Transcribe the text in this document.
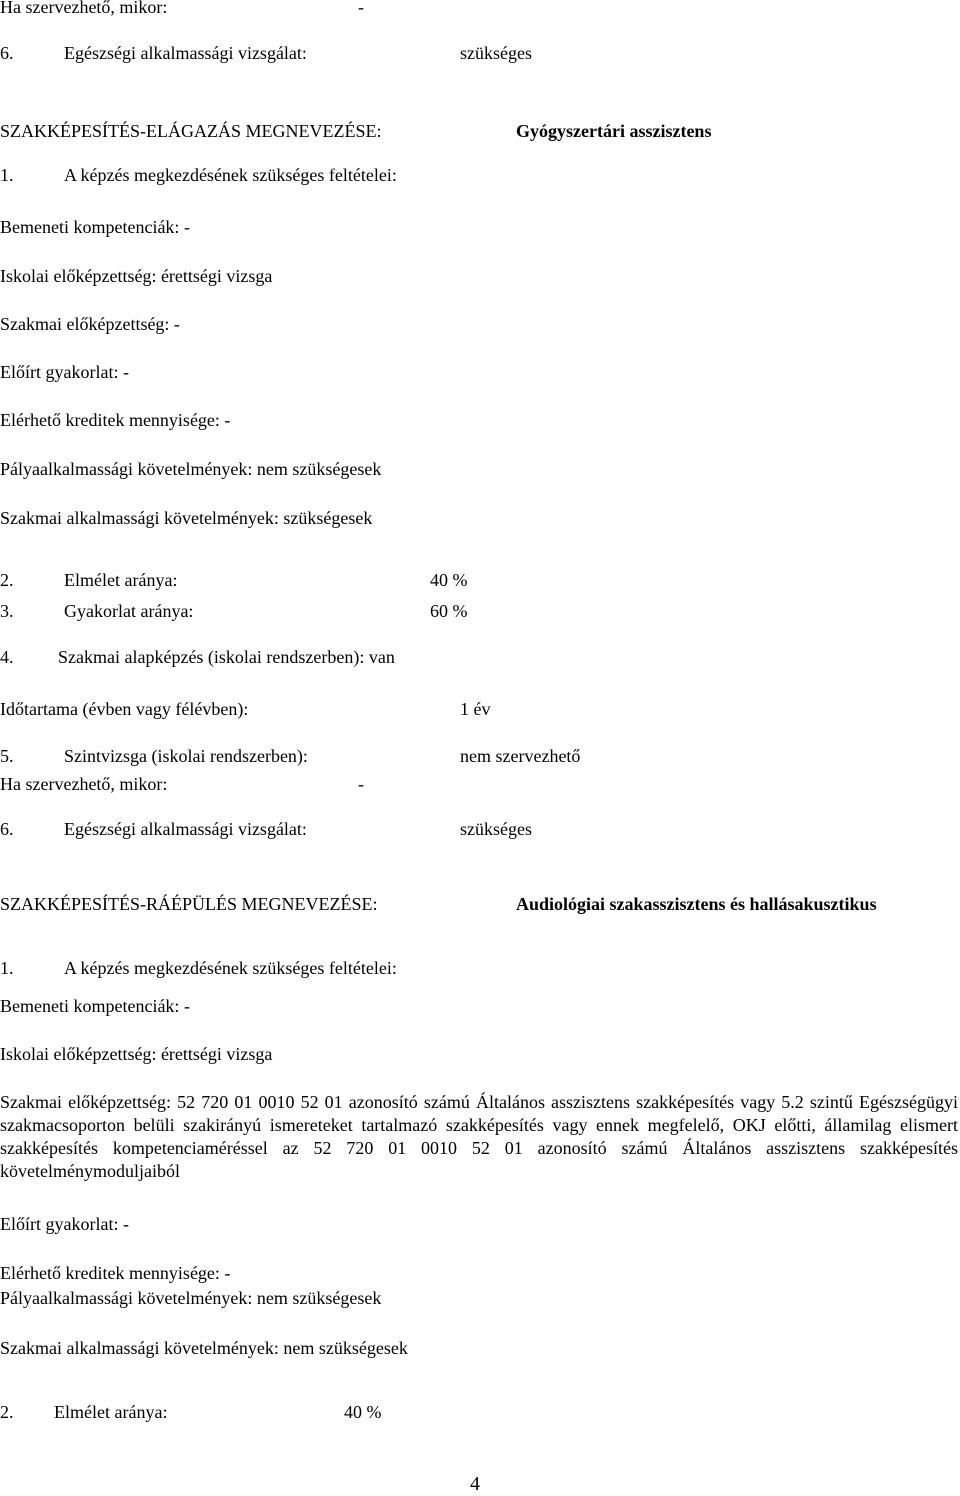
Ha szervezhető, mikor:	-
6.	Egészségi alkalmassági vizsgálat:	szükséges
SZAKKÉPESÍTÉS-ELÁGAZÁS MEGNEVEZÉSE:	Gyógyszertári asszisztens
1.	A képzés megkezdésének szükséges feltételei:
Bemeneti kompetenciák: -
Iskolai előképzettség: érettségi vizsga
Szakmai előképzettség: -
Előírt gyakorlat: -
Elérhető kreditek mennyisége: -
Pályaalkalmassági követelmények: nem szükségesek
Szakmai alkalmassági követelmények: szükségesek
2.	Elmélet aránya:	40 %
3.	Gyakorlat aránya:	60 %
4. Szakmai alapképzés (iskolai rendszerben): van
Időtartama (évben vagy félévben):	1 év
5.	Szintvizsga (iskolai rendszerben):	nem szervezhető
Ha szervezhető, mikor:	-
6.	Egészségi alkalmassági vizsgálat:	szükséges
SZAKKÉPESÍTÉS-RÁÉPÜLÉS MEGNEVEZÉSE:	Audiológiai szakasszisztens és hallásakusztikus
1.	A képzés megkezdésének szükséges feltételei:
Bemeneti kompetenciák: -
Iskolai előképzettség: érettségi vizsga
Szakmai előképzettség: 52 720 01 0010 52 01 azonosító számú Általános asszisztens szakképesítés vagy 5.2 szintű Egészségügyi szakmacsoporton belüli szakirányú ismereteket tartalmazó szakképesítés vagy ennek megfelelő, OKJ előtti, államilag elismert szakképesítés kompetenciaméréssel az 52 720 01 0010 52 01 azonosító számú Általános asszisztens szakképesítés követelménymoduljaiból
Előírt gyakorlat: -
Elérhető kreditek mennyisége: -
Pályaalkalmassági követelmények: nem szükségesek
Szakmai alkalmassági követelmények: nem szükségesek
2. Elmélet aránya:	40 %
4
